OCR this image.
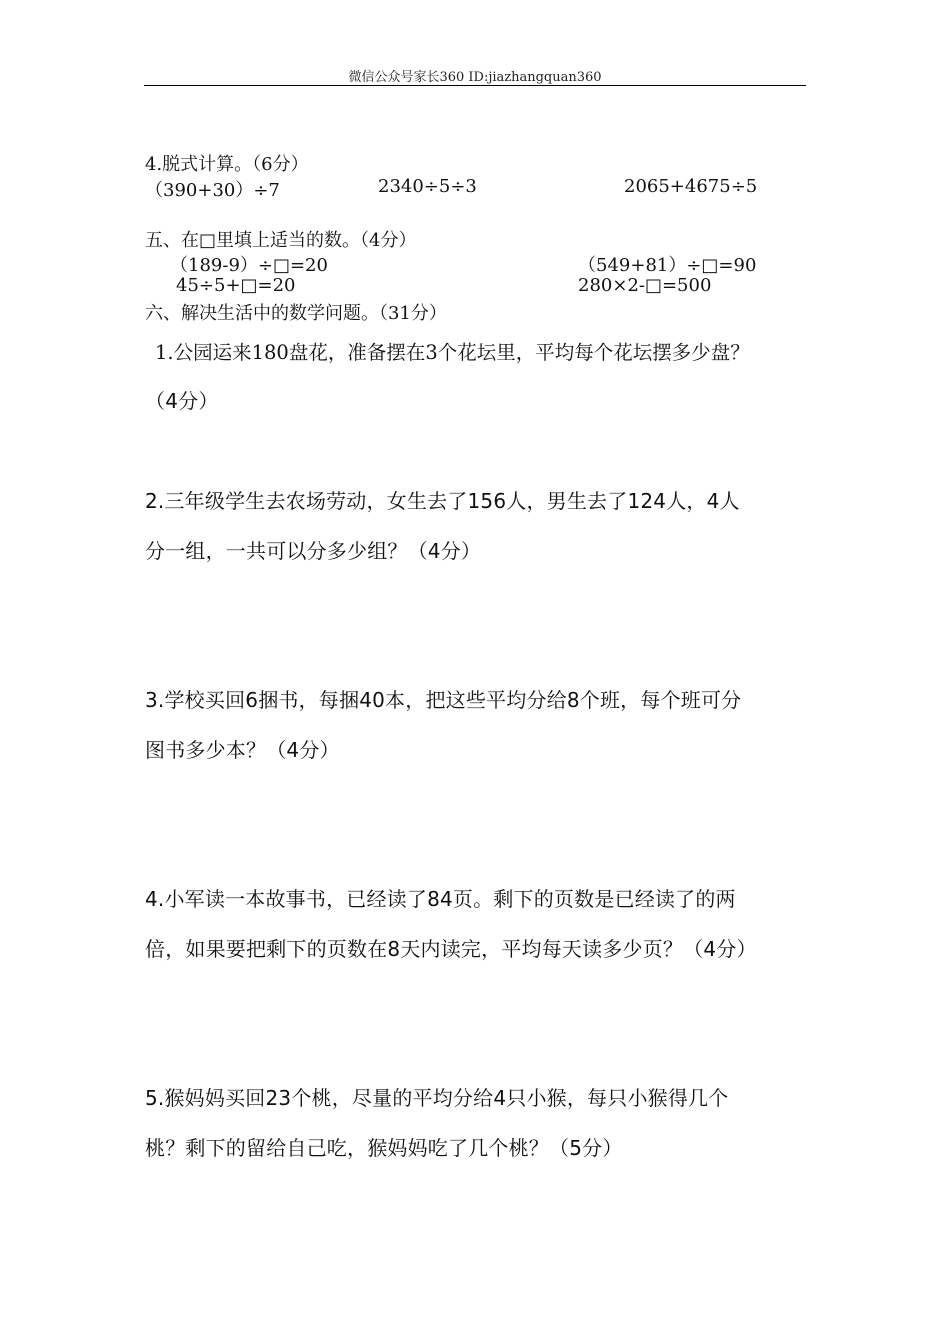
微信公众号家长360 ID:jiazhangquan360
4.脱式计算。（6分）
（390+30）÷7	2340÷5÷3	2065+4675÷5
五、在□里填上适当的数。（4分）
（189-9）÷□=20	（549+81）÷□=90
45÷5+□=20	280×2-□=500
六、解决生活中的数学问题。（31分）
1.公园运来180盘花，准备摆在3个花坛里，平均每个花坛摆多少盘？
（4分）
2.三年级学生去农场劳动，女生去了156人，男生去了124人，4人
分一组，一共可以分多少组？（4分）
3.学校买回6捆书，每捆40本，把这些平均分给8个班，每个班可分
图书多少本？（4分）
4.小军读一本故事书，已经读了84页。剩下的页数是已经读了的两
倍，如果要把剩下的页数在8天内读完，平均每天读多少页？（4分）
5.猴妈妈买回23个桃，尽量的平均分给4只小猴，每只小猴得几个
桃？剩下的留给自己吃，猴妈妈吃了几个桃？（5分）
